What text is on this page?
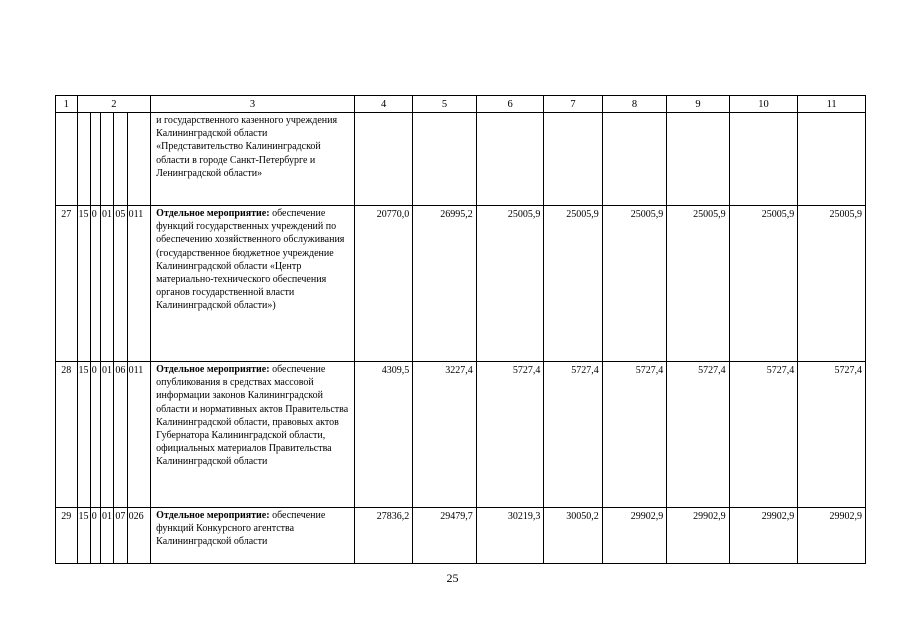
1	2					3	4	5	6	7	8	9	10	11
						и государственного казенного учреждения Калининградской области «Представительство Калининградской области в городе Санкт-Петербурге и Ленинградской области»								
27	15	0	01	05	011	Отдельное мероприятие: обеспечение функций государственных учреждений по обеспечению хозяйственного обслуживания (государственное бюджетное учреждение Калининградской области «Центр материально-технического обеспечения органов государственной власти Калининградской области»)	20770,0	26995,2	25005,9	25005,9	25005,9	25005,9	25005,9	25005,9
28	15	0	01	06	011	Отдельное мероприятие: обеспечение опубликования в средствах массовой информации законов Калининградской области и нормативных актов Правительства Калининградской области, правовых актов Губернатора Калининградской области, официальных материалов Правительства Калининградской области	4309,5	3227,4	5727,4	5727,4	5727,4	5727,4	5727,4	5727,4
29	15	0	01	07	026	Отдельное мероприятие: обеспечение функций Конкурсного агентства Калининградской области	27836,2	29479,7	30219,3	30050,2	29902,9	29902,9	29902,9	29902,9
25
